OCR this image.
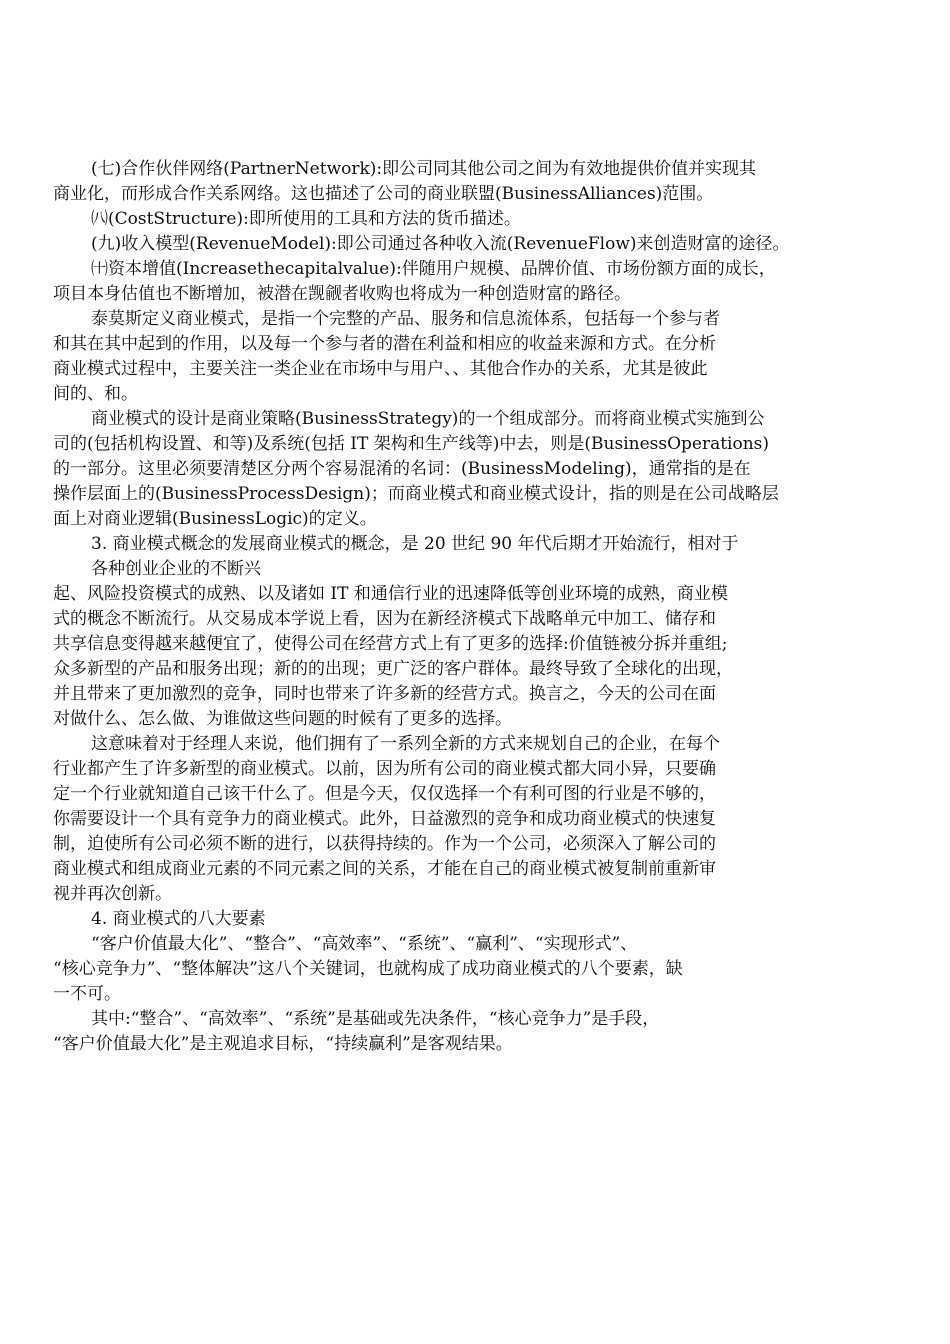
(七)合作伙伴网络(PartnerNetwork):即公司同其他公司之间为有效地提供价值并实现其
商业化，而形成合作关系网络。这也描述了公司的商业联盟(BusinessAlliances)范围。
㈧(CostStructure):即所使用的工具和方法的货币描述。
(九)收入模型(RevenueModel):即公司通过各种收入流(RevenueFlow)来创造财富的途径。
㈩资本增值(Increasethecapitalvalue):伴随用户规模、品牌价值、市场份额方面的成长，
项目本身估值也不断增加，被潜在觊觎者收购也将成为一种创造财富的路径。
泰莫斯定义商业模式，是指一个完整的产品、服务和信息流体系，包括每一个参与者
和其在其中起到的作用，以及每一个参与者的潜在利益和相应的收益来源和方式。在分析
商业模式过程中，主要关注一类企业在市场中与用户、、其他合作办的关系，尤其是彼此
间的、和。
商业模式的设计是商业策略(BusinessStrategy)的一个组成部分。而将商业模式实施到公
司的(包括机构设置、和等)及系统(包括 IT 架构和生产线等)中去，则是(BusinessOperations)
的一部分。这里必须要清楚区分两个容易混淆的名词：(BusinessModeling)，通常指的是在
操作层面上的(BusinessProcessDesign)；而商业模式和商业模式设计，指的则是在公司战略层
面上对商业逻辑(BusinessLogic)的定义。
3. 商业模式概念的发展商业模式的概念，是 20 世纪 90 年代后期才开始流行，相对于
各种创业企业的不断兴
起、风险投资模式的成熟、以及诸如 IT 和通信行业的迅速降低等创业环境的成熟，商业模
式的概念不断流行。从交易成本学说上看，因为在新经济模式下战略单元中加工、储存和
共享信息变得越来越便宜了，使得公司在经营方式上有了更多的选择:价值链被分拆并重组;
众多新型的产品和服务出现；新的的出现；更广泛的客户群体。最终导致了全球化的出现，
并且带来了更加激烈的竞争，同时也带来了许多新的经营方式。换言之，今天的公司在面
对做什么、怎么做、为谁做这些问题的时候有了更多的选择。
这意味着对于经理人来说，他们拥有了一系列全新的方式来规划自己的企业，在每个
行业都产生了许多新型的商业模式。以前，因为所有公司的商业模式都大同小异，只要确
定一个行业就知道自己该干什么了。但是今天，仅仅选择一个有利可图的行业是不够的，
你需要设计一个具有竞争力的商业模式。此外，日益激烈的竞争和成功商业模式的快速复
制，迫使所有公司必须不断的进行，以获得持续的。作为一个公司，必须深入了解公司的
商业模式和组成商业元素的不同元素之间的关系，才能在自己的商业模式被复制前重新审
视并再次创新。
4. 商业模式的八大要素
“客户价值最大化”、“整合”、“高效率”、“系统”、“赢利”、“实现形式”、
“核心竞争力”、“整体解决”这八个关键词，也就构成了成功商业模式的八个要素，缺
一不可。
其中:“整合”、“高效率”、“系统”是基础或先决条件，“核心竞争力”是手段，
“客户价值最大化”是主观追求目标，“持续赢利”是客观结果。
